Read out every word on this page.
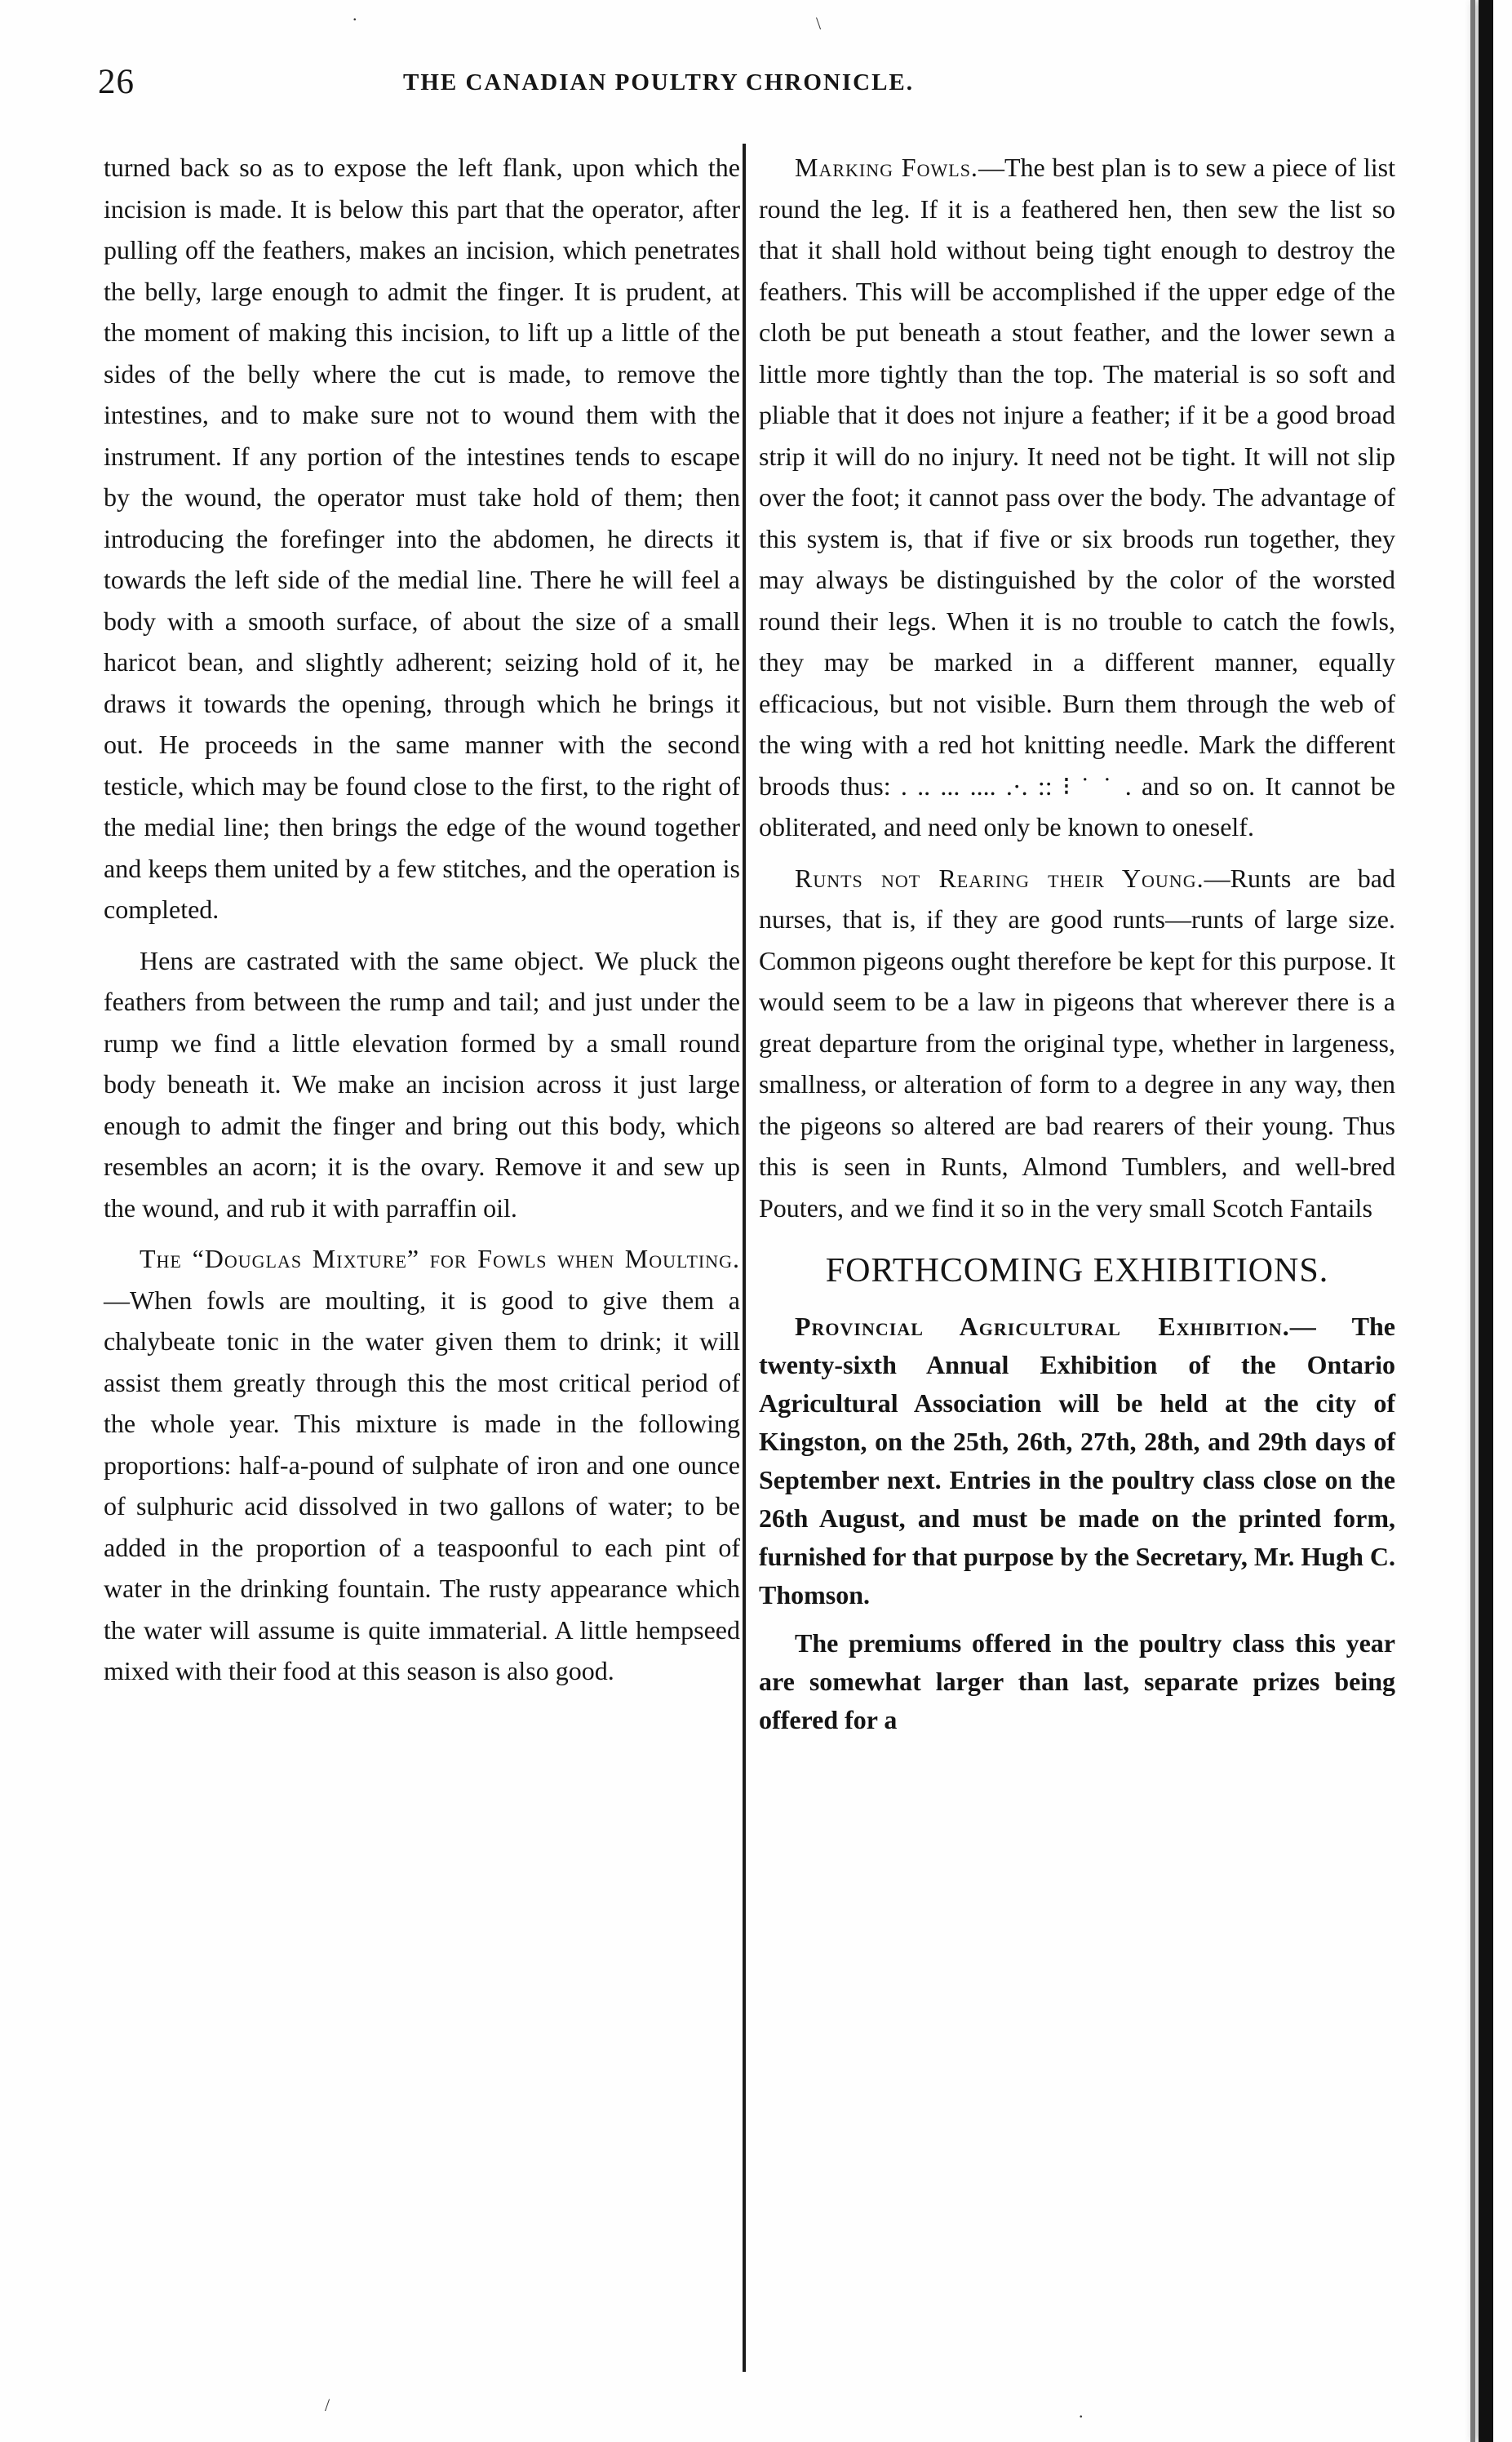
26	THE CANADIAN POULTRY CHRONICLE.

turned back so as to expose the left flank, upon which the incision is made. It is below this part that the operator, after pulling off the feathers, makes an incision, which penetrates the belly, large enough to admit the finger. It is prudent, at the moment of making this incision, to lift up a little of the sides of the belly where the cut is made, to remove the intestines, and to make sure not to wound them with the instrument. If any portion of the intestines tends to escape by the wound, the operator must take hold of them; then introducing the forefinger into the abdomen, he directs it towards the left side of the medial line. There he will feel a body with a smooth surface, of about the size of a small haricot bean, and slightly adherent; seizing hold of it, he draws it towards the opening, through which he brings it out. He proceeds in the same manner with the second testicle, which may be found close to the first, to the right of the medial line; then brings the edge of the wound together and keeps them united by a few stitches, and the operation is completed.

Hens are castrated with the same object. We pluck the feathers from between the rump and tail; and just under the rump we find a little elevation formed by a small round body beneath it. We make an incision across it just large enough to admit the finger and bring out this body, which resembles an acorn; it is the ovary. Remove it and sew up the wound, and rub it with parraffin oil.

The “Douglas Mixture” for Fowls when Moulting.—When fowls are moulting, it is good to give them a chalybeate tonic in the water given them to drink; it will assist them greatly through this the most critical period of the whole year. This mixture is made in the following proportions: half-a-pound of sulphate of iron and one ounce of sulphuric acid dissolved in two gallons of water; to be added in the proportion of a teaspoonful to each pint of water in the drinking fountain. The rusty appearance which the water will assume is quite immaterial. A little hempseed mixed with their food at this season is also good.

Marking Fowls.—The best plan is to sew a piece of list round the leg. If it is a feathered hen, then sew the list so that it shall hold without being tight enough to destroy the feathers. This will be accomplished if the upper edge of the cloth be put beneath a stout feather, and the lower sewn a little more tightly than the top. The material is so soft and pliable that it does not injure a feather; if it be a good broad strip it will do no injury. It need not be tight. It will not slip over the foot; it cannot pass over the body. The advantage of this system is, that if five or six broods run together, they may always be distinguished by the color of the worsted round their legs. When it is no trouble to catch the fowls, they may be marked in a different manner, equally efficacious, but not visible. Burn them through the web of the wing with a red hot knitting needle. Mark the different broods thus: . .. ... .... .·. :: ⁝ ˙ ˙ . and so on. It cannot be obliterated, and need only be known to oneself.

Runts not Rearing their Young.—Runts are bad nurses, that is, if they are good runts—runts of large size. Common pigeons ought therefore be kept for this purpose. It would seem to be a law in pigeons that wherever there is a great departure from the original type, whether in largeness, smallness, or alteration of form to a degree in any way, then the pigeons so altered are bad rearers of their young. Thus this is seen in Runts, Almond Tumblers, and well-bred Pouters, and we find it so in the very small Scotch Fantails

FORTHCOMING EXHIBITIONS.

Provincial Agricultural Exhibition.— The twenty-sixth Annual Exhibition of the Ontario Agricultural Association will be held at the city of Kingston, on the 25th, 26th, 27th, 28th, and 29th days of September next. Entries in the poultry class close on the 26th August, and must be made on the printed form, furnished for that purpose by the Secretary, Mr. Hugh C. Thomson.

The premiums offered in the poultry class this year are somewhat larger than last, separate prizes being offered for a

.	\
/	.
